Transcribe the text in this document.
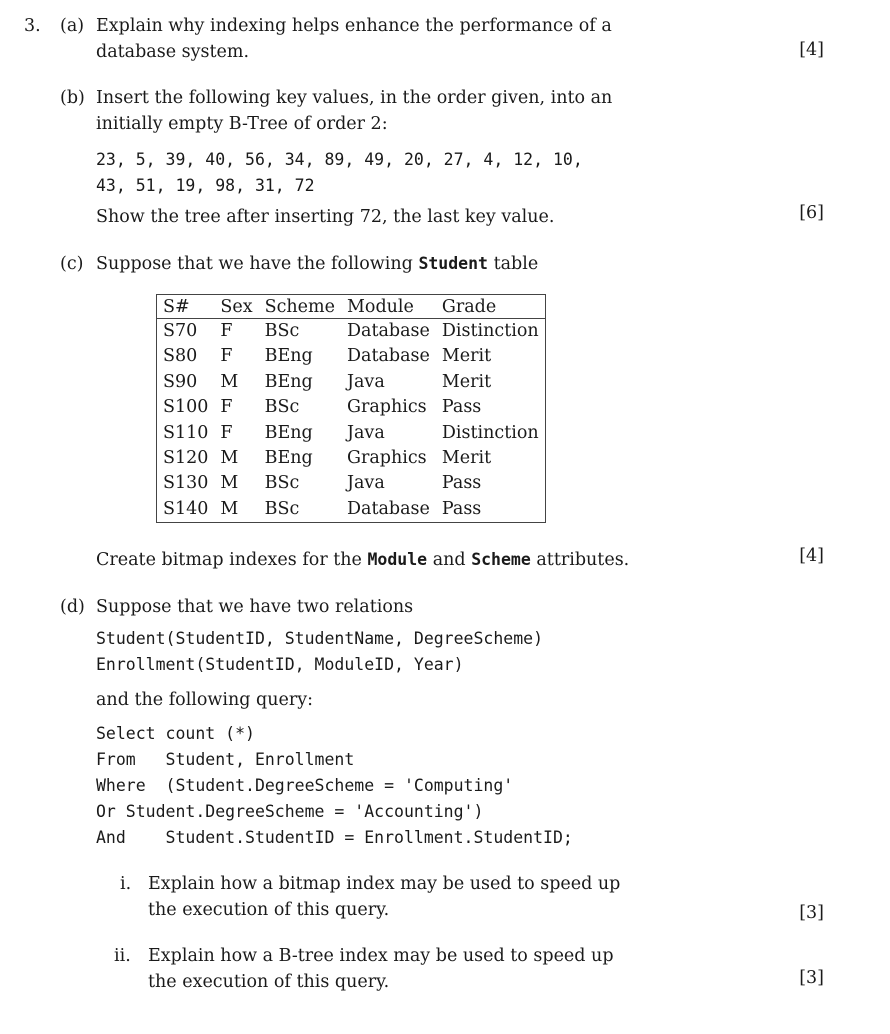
3. (a) Explain why indexing helps enhance the performance of a
database system.	[4]
(b) Insert the following key values, in the order given, into an
initially empty B-Tree of order 2:
23, 5, 39, 40, 56, 34, 89, 49, 20, 27, 4, 12, 10,
43, 51, 19, 98, 31, 72
Show the tree after inserting 72, the last key value.	[6]
(c) Suppose that we have the following Student table
S#	Sex	Scheme	Module	Grade
S70	F	BSc	Database	Distinction
S80	F	BEng	Database	Merit
S90	M	BEng	Java	Merit
S100	F	BSc	Graphics	Pass
S110	F	BEng	Java	Distinction
S120	M	BEng	Graphics	Merit
S130	M	BSc	Java	Pass
S140	M	BSc	Database	Pass
Create bitmap indexes for the Module and Scheme attributes.	[4]
(d) Suppose that we have two relations
Student(StudentID, StudentName, DegreeScheme)
Enrollment(StudentID, ModuleID, Year)
and the following query:
Select count (*)
From   Student, Enrollment
Where  (Student.DegreeScheme = 'Computing'
Or Student.DegreeScheme = 'Accounting')
And    Student.StudentID = Enrollment.StudentID;
i. Explain how a bitmap index may be used to speed up
the execution of this query.	[3]
ii. Explain how a B-tree index may be used to speed up
the execution of this query.	[3]
